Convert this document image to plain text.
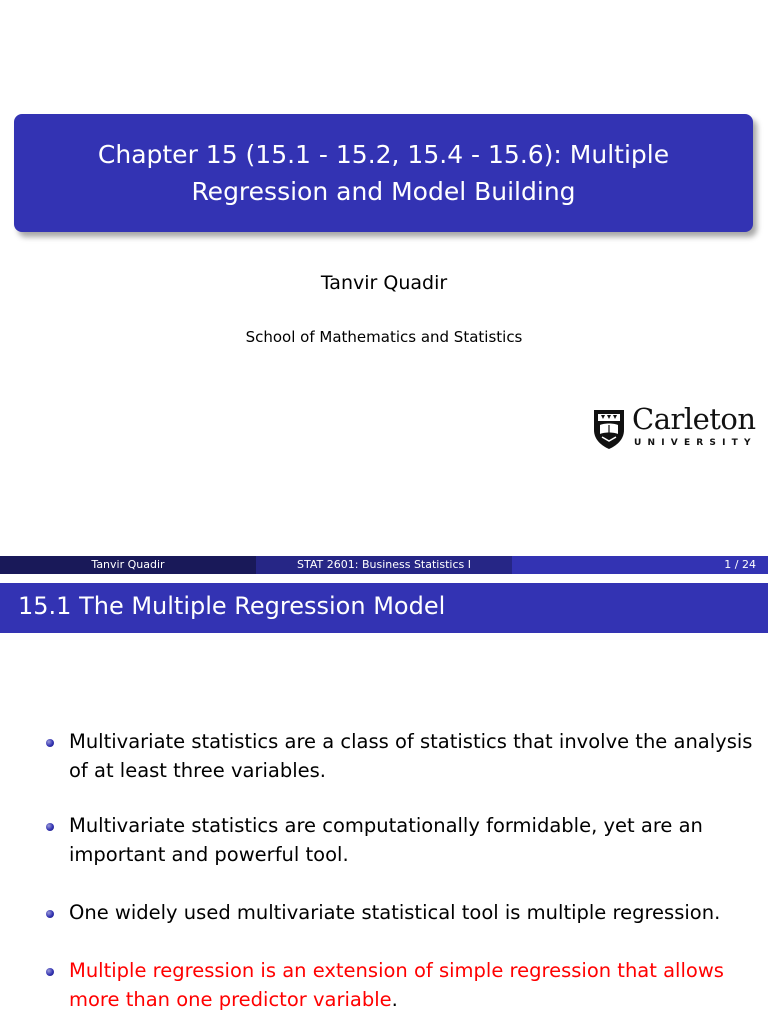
Chapter 15 (15.1 - 15.2, 15.4 - 15.6): Multiple
Regression and Model Building
Tanvir Quadir
School of Mathematics and Statistics
Carleton
UNIVERSITY
Tanvir Quadir	STAT 2601: Business Statistics I	1 / 24
15.1 The Multiple Regression Model
Multivariate statistics are a class of statistics that involve the analysis of at least three variables.
Multivariate statistics are computationally formidable, yet are an important and powerful tool.
One widely used multivariate statistical tool is multiple regression.
Multiple regression is an extension of simple regression that allows more than one predictor variable.
